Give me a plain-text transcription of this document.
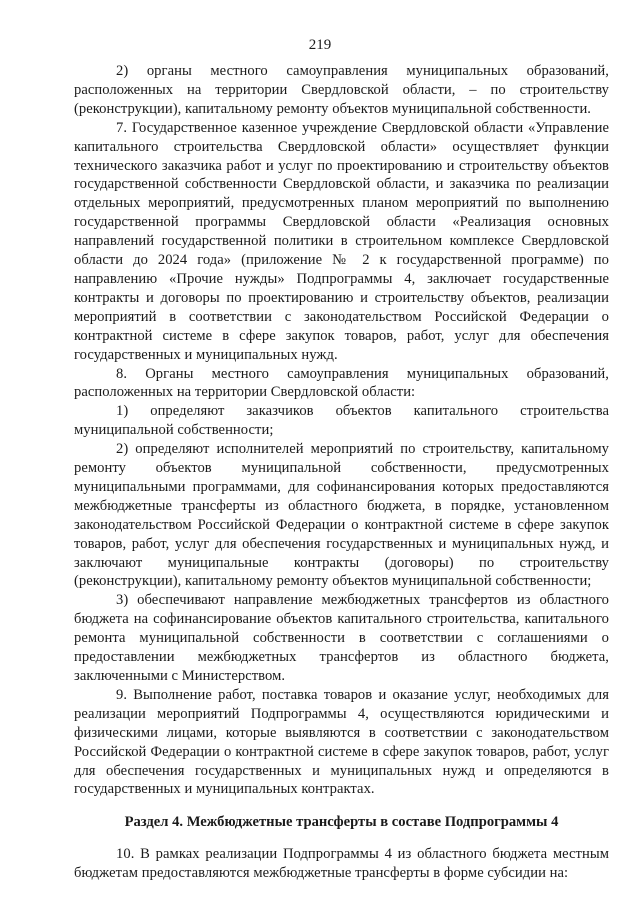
219

2) органы местного самоуправления муниципальных образований, расположенных на территории Свердловской области, – по строительству (реконструкции), капитальному ремонту объектов муниципальной собственности.

7. Государственное казенное учреждение Свердловской области «Управление капитального строительства Свердловской области» осуществляет функции технического заказчика работ и услуг по проектированию и строительству объектов государственной собственности Свердловской области, и заказчика по реализации отдельных мероприятий, предусмотренных планом мероприятий по выполнению государственной программы Свердловской области «Реализация основных направлений государственной политики в строительном комплексе Свердловской области до 2024 года» (приложение № 2 к государственной программе) по направлению «Прочие нужды» Подпрограммы 4, заключает государственные контракты и договоры по проектированию и строительству объектов, реализации мероприятий в соответствии с законодательством Российской Федерации о контрактной системе в сфере закупок товаров, работ, услуг для обеспечения государственных и муниципальных нужд.

8. Органы местного самоуправления муниципальных образований, расположенных на территории Свердловской области:

1) определяют заказчиков объектов капитального строительства муниципальной собственности;

2) определяют исполнителей мероприятий по строительству, капитальному ремонту объектов муниципальной собственности, предусмотренных муниципальными программами, для софинансирования которых предоставляются межбюджетные трансферты из областного бюджета, в порядке, установленном законодательством Российской Федерации о контрактной системе в сфере закупок товаров, работ, услуг для обеспечения государственных и муниципальных нужд, и заключают муниципальные контракты (договоры) по строительству (реконструкции), капитальному ремонту объектов муниципальной собственности;

3) обеспечивают направление межбюджетных трансфертов из областного бюджета на софинансирование объектов капитального строительства, капитального ремонта муниципальной собственности в соответствии с соглашениями о предоставлении межбюджетных трансфертов из областного бюджета, заключенными с Министерством.

9. Выполнение работ, поставка товаров и оказание услуг, необходимых для реализации мероприятий Подпрограммы 4, осуществляются юридическими и физическими лицами, которые выявляются в соответствии с законодательством Российской Федерации о контрактной системе в сфере закупок товаров, работ, услуг для обеспечения государственных и муниципальных нужд и определяются в государственных и муниципальных контрактах.

Раздел 4. Межбюджетные трансферты в составе Подпрограммы 4

10. В рамках реализации Подпрограммы 4 из областного бюджета местным бюджетам предоставляются межбюджетные трансферты в форме субсидии на:
